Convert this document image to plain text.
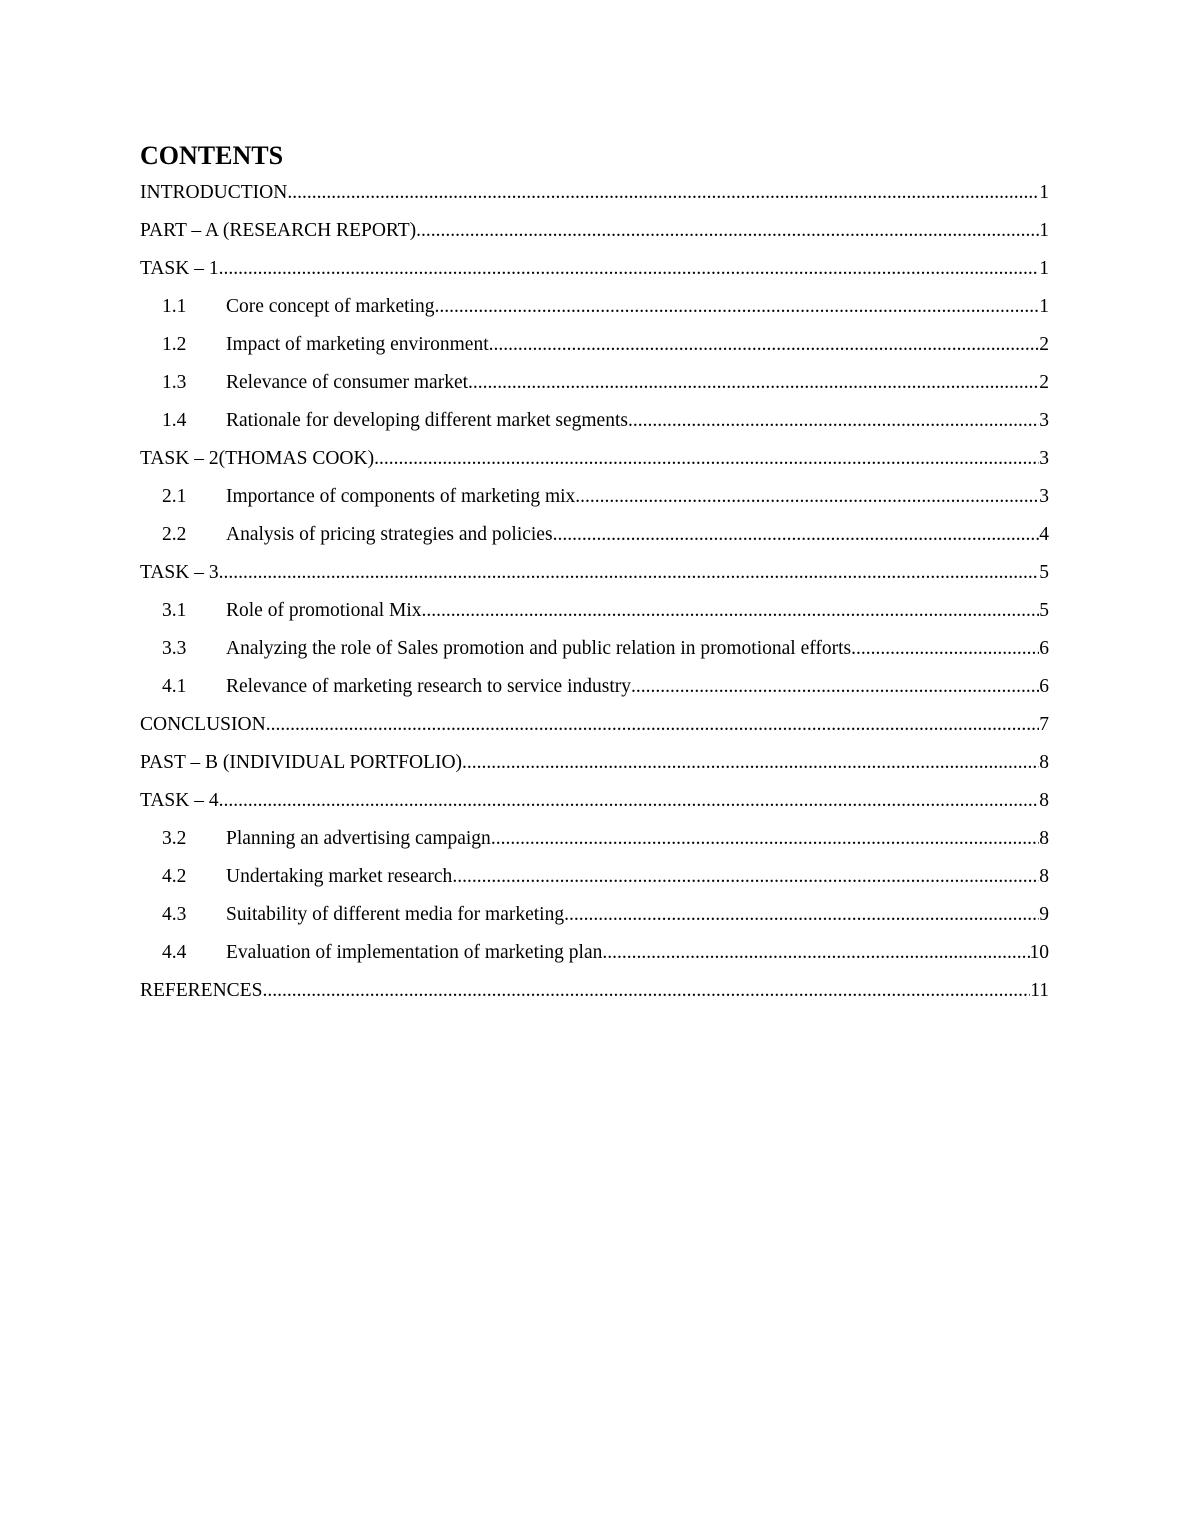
CONTENTS
INTRODUCTION .....	1
PART – A (RESEARCH REPORT) .....	1
TASK – 1 .....	1
1.1	Core concept of marketing .....	1
1.2	Impact of marketing environment .....	2
1.3	Relevance of consumer market .....	2
1.4	Rationale for developing different market segments .....	3
TASK – 2(THOMAS COOK) .....	3
2.1	Importance of components of marketing mix .....	3
2.2	Analysis of pricing strategies and policies .....	4
TASK – 3 .....	5
3.1	Role of promotional Mix .....	5
3.3	Analyzing the role of Sales promotion and public relation in promotional efforts .....	6
4.1	Relevance of marketing research to service industry .....	6
CONCLUSION .....	7
PAST – B (INDIVIDUAL PORTFOLIO) .....	8
TASK – 4 .....	8
3.2	Planning an advertising campaign .....	8
4.2	Undertaking market research .....	8
4.3	Suitability of different media for marketing .....	9
4.4	Evaluation of implementation of marketing plan .....	10
REFERENCES .....	11
